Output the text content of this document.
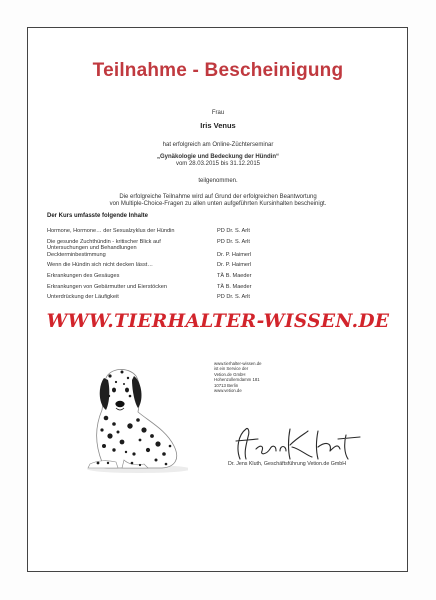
Teilnahme - Bescheinigung
Frau
Iris Venus
hat erfolgreich am Online-Züchterseminar
„Gynäkologie und Bedeckung der Hündin“
vom 28.03.2015 bis 31.12.2015
teilgenommen.
Die erfolgreiche Teilnahme wird auf Grund der erfolgreichen Beantwortung
von Multiple-Choice-Fragen zu allen unten aufgeführten Kursinhalten bescheinigt.
Der Kurs umfasste folgende Inhalte
Hormone, Hormone… der Sexualzyklus der Hündin	PD Dr. S. Arlt
Die gesunde Zuchthündin - kritischer Blick auf	PD Dr. S. Arlt
Untersuchungen und Behandlungen
Deckterminbestimmung	Dr. P. Haimerl
Wenn die Hündin sich nicht decken lässt…	Dr. P. Haimerl
Erkrankungen des Gesäuges	TÄ B. Maeder
Erkrankungen von Gebärmutter und Eierstöcken	TÄ B. Maeder
Unterdrückung der Läufigkeit	PD Dr. S. Arlt
WWW.TIERHALTER-WISSEN.DE
www.tierhalter-wissen.de
ist ein Service der
Vetion.de GmbH
Hohenzollerndamm 181
10713 Berlin
www.vetion.de
Dr. Jens Kluth, Geschäftsführung Vetion.de GmbH
